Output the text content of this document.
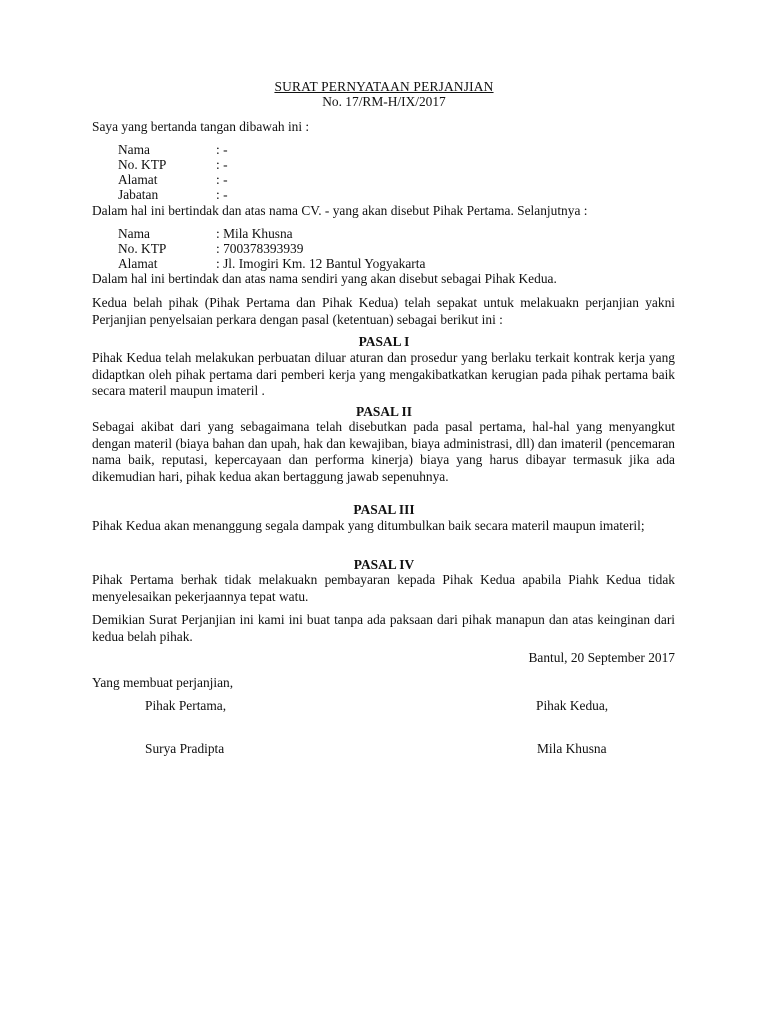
SURAT PERNYATAAN PERJANJIAN
No. 17/RM-H/IX/2017
Saya yang bertanda tangan dibawah ini :
Nama	: -
No. KTP	: -
Alamat	: -
Jabatan	: -
Dalam hal ini bertindak dan atas nama CV. - yang akan disebut Pihak Pertama. Selanjutnya :
Nama	: Mila Khusna
No. KTP	: 700378393939
Alamat	: Jl. Imogiri Km. 12 Bantul Yogyakarta
Dalam hal ini bertindak dan atas nama sendiri yang akan disebut sebagai Pihak Kedua.
Kedua belah pihak (Pihak Pertama dan Pihak Kedua) telah sepakat untuk melakuakn perjanjian yakni Perjanjian penyelsaian perkara dengan pasal (ketentuan) sebagai berikut ini :
PASAL I
Pihak Kedua telah melakukan perbuatan diluar aturan dan prosedur yang berlaku terkait kontrak kerja yang didaptkan oleh pihak pertama dari pemberi kerja yang mengakibatkatkan kerugian pada pihak pertama baik secara materil maupun imateril .
PASAL II
Sebagai akibat dari yang sebagaimana telah disebutkan pada pasal pertama, hal-hal yang menyangkut dengan materil (biaya bahan dan upah, hak dan kewajiban, biaya administrasi, dll) dan imateril (pencemaran nama baik, reputasi, kepercayaan dan performa kinerja) biaya yang harus dibayar termasuk jika ada dikemudian hari, pihak kedua akan bertaggung jawab sepenuhnya.
PASAL III
Pihak Kedua akan menanggung segala dampak yang ditumbulkan baik secara materil maupun imateril;
PASAL IV
Pihak Pertama berhak tidak melakuakn pembayaran kepada Pihak Kedua apabila Piahk Kedua tidak menyelesaikan pekerjaannya tepat watu.
Demikian Surat Perjanjian ini kami ini buat tanpa ada paksaan dari pihak manapun dan atas keinginan dari kedua belah pihak.
Bantul, 20 September 2017
Yang membuat perjanjian,
Pihak Pertama,	Pihak Kedua,
Surya Pradipta	Mila Khusna
